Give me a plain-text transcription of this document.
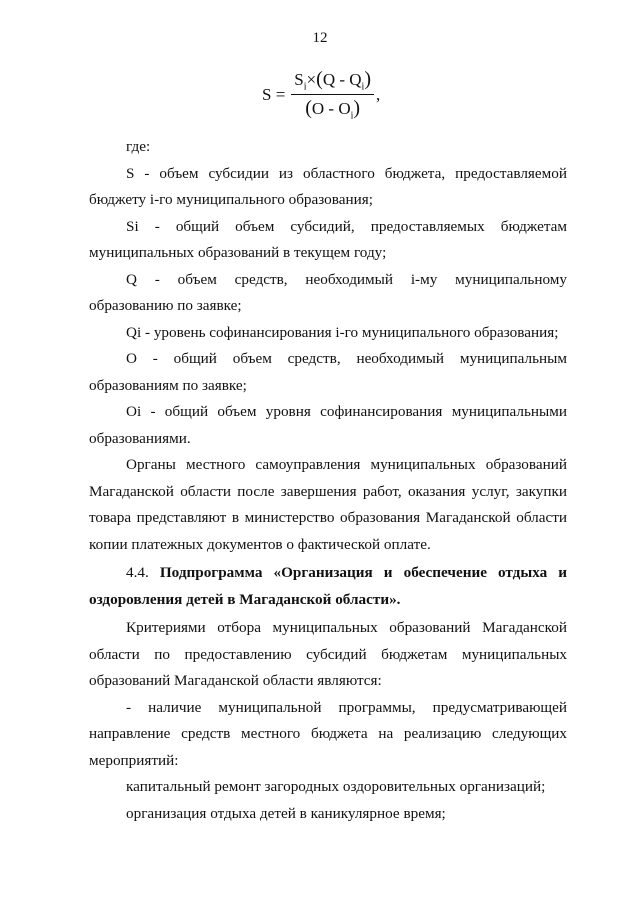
12
$S = \frac{S_i\times(Q - Q_i)}{(O - O_i)}$ ,

где:

S - объем субсидии из областного бюджета, предоставляемой бюджету i-го муниципального образования;

Si - общий объем субсидий, предоставляемых бюджетам муниципальных образований в текущем году;

Q - объем средств, необходимый i-му муниципальному образованию по заявке;

Qi - уровень софинансирования i-го муниципального образования;

O - общий объем средств, необходимый муниципальным образованиям по заявке;

Oi - общий объем уровня софинансирования муниципальными образованиями.

Органы местного самоуправления муниципальных образований Магаданской области после завершения работ, оказания услуг, закупки товара представляют в министерство образования Магаданской области копии платежных документов о фактической оплате.

4.4. Подпрограмма «Организация и обеспечение отдыха и оздоровления детей в Магаданской области».

Критериями отбора муниципальных образований Магаданской области по предоставлению субсидий бюджетам муниципальных образований Магаданской области являются:

- наличие муниципальной программы, предусматривающей направление средств местного бюджета на реализацию следующих мероприятий:

капитальный ремонт загородных оздоровительных организаций;

организация отдыха детей в каникулярное время;
